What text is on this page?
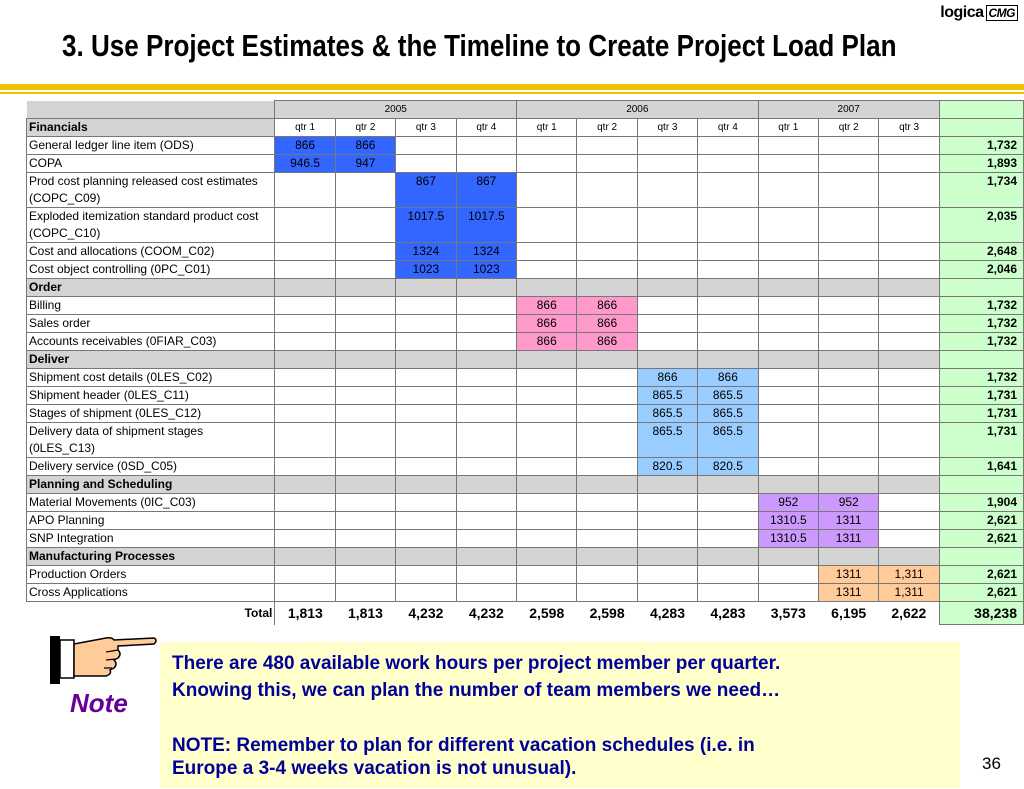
logica CMG
3. Use Project Estimates & the Timeline to Create Project Load Plan
	2005				2006				2007			
Financials	qtr 1	qtr 2	qtr 3	qtr 4	qtr 1	qtr 2	qtr 3	qtr 4	qtr 1	qtr 2	qtr 3	
General ledger line item (ODS)	866	866										1,732
COPA	946.5	947										1,893
Prod cost planning released cost estimates (COPC_C09)			867	867								1,734
Exploded itemization standard product cost (COPC_C10)			1017.5	1017.5								2,035
Cost and allocations (COOM_C02)			1324	1324								2,648
Cost object controlling (0PC_C01)			1023	1023								2,046
Order												
Billing					866	866						1,732
Sales order					866	866						1,732
Accounts receivables (0FIAR_C03)					866	866						1,732
Deliver												
Shipment cost details (0LES_C02)							866	866				1,732
Shipment header (0LES_C11)							865.5	865.5				1,731
Stages of shipment (0LES_C12)							865.5	865.5				1,731
Delivery data of shipment stages (0LES_C13)							865.5	865.5				1,731
Delivery service (0SD_C05)							820.5	820.5				1,641
Planning and Scheduling												
Material Movements (0IC_C03)									952	952		1,904
APO Planning									1310.5	1311		2,621
SNP Integration									1310.5	1311		2,621
Manufacturing Processes												
Production Orders										1311	1,311	2,621
Cross Applications										1311	1,311	2,621
Total	1,813	1,813	4,232	4,232	2,598	2,598	4,283	4,283	3,573	6,195	2,622	38,238
Note

There are 480 available work hours per project member per quarter.

Knowing this, we can plan the number of team members we need…

NOTE: Remember to plan for different vacation schedules (i.e. in

Europe a 3-4 weeks vacation is not unusual).	36
